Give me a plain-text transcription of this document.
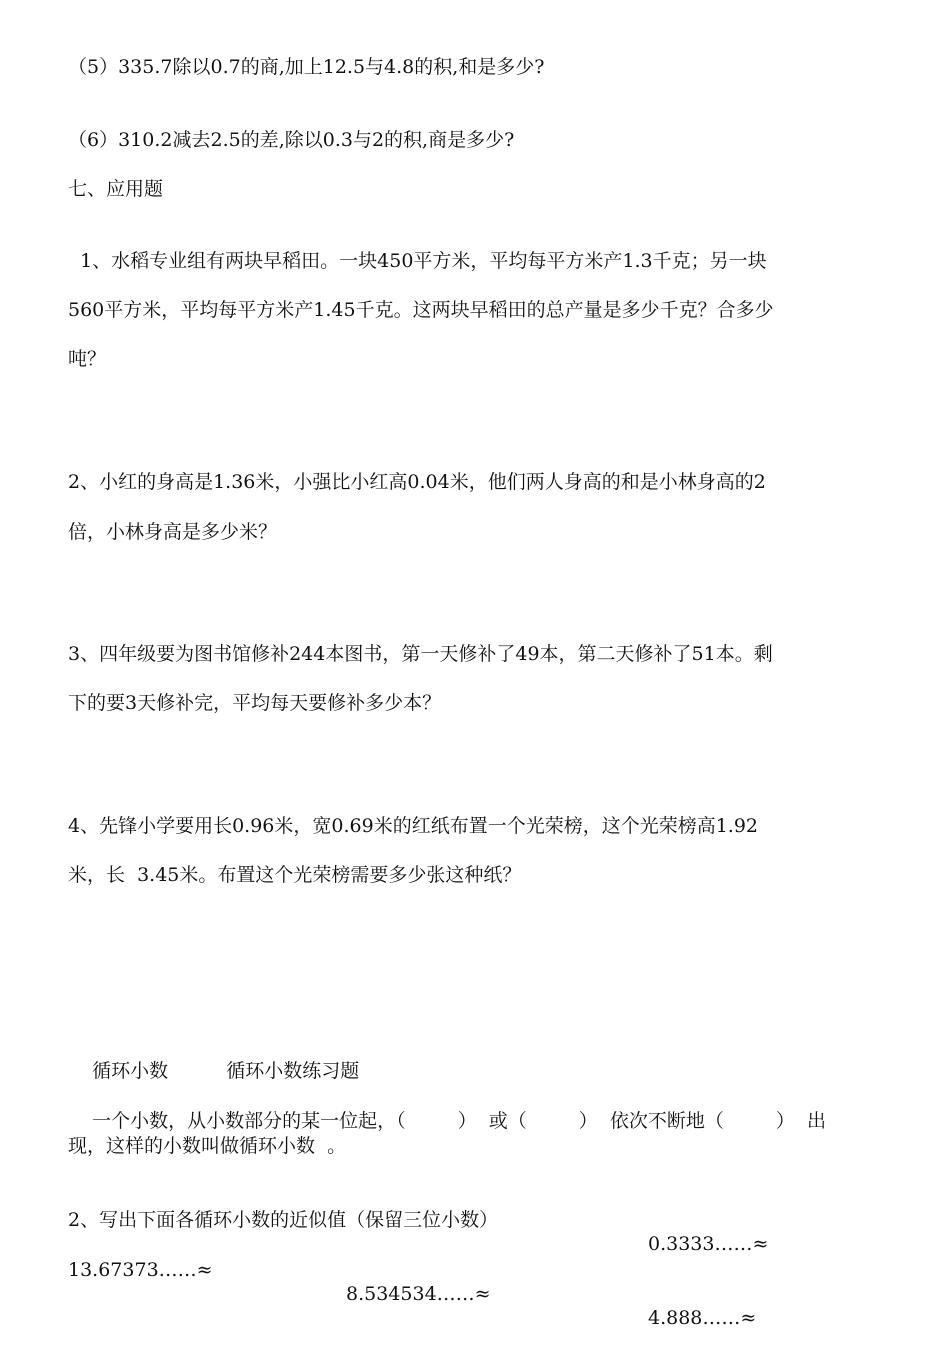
（5）335.7除以0.7的商,加上12.5与4.8的积,和是多少?
（6）310.2减去2.5的差,除以0.3与2的积,商是多少?
七、应用题
1、水稻专业组有两块早稻田。一块450平方米，平均每平方米产1.3千克；另一块
560平方米，平均每平方米产1.45千克。这两块早稻田的总产量是多少千克？合多少
吨？
2、小红的身高是1.36米，小强比小红高0.04米，他们两人身高的和是小林身高的2
倍，小林身高是多少米？
3、四年级要为图书馆修补244本图书，第一天修补了49本，第二天修补了51本。剩
下的要3天修补完，平均每天要修补多少本？
4、先锋小学要用长0.96米，宽0.69米的红纸布置一个光荣榜，这个光荣榜高1.92
米，长  3.45米。布置这个光荣榜需要多少张这种纸？

循环小数	循环小数练习题

一个小数，从小数部分的某一位起，（	）  或（	）  依次不断地（	）  出

现，这样的小数叫做循环小数  。

2、写出下面各循环小数的近似值（保留三位小数）

0.3333……≈

13.67373……≈

8.534534……≈

4.888……≈
